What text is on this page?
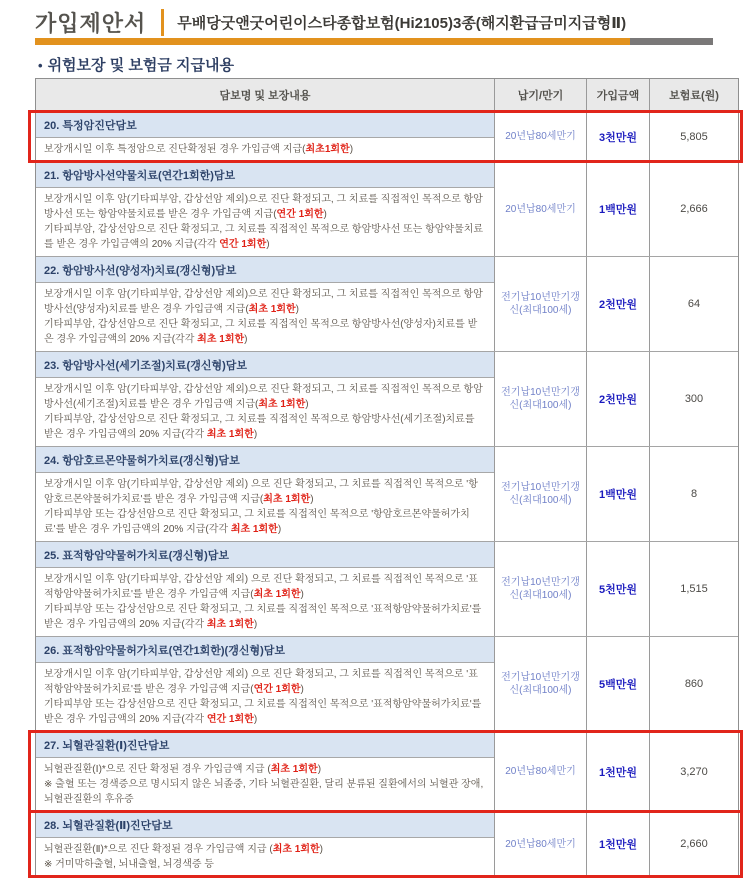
가입제안서 무배당굿앤굿어린이스타종합보험(Hi2105)3종(해지환급금미지급형Ⅱ)
• 위험보장 및 보험금 지급내용
담보명 및 보장내용	납기/만기	가입금액	보험료(원)
20. 특정암진단담보
보장개시일 이후 특정암으로 진단확정된 경우 가입금액 지급(최초1회한)
20년납80세만기	3천만원	5,805
21. 항암방사선약물치료(연간1회한)담보
보장개시일 이후 암(기타피부암, 갑상선암 제외)으로 진단 확정되고, 그 치료를 직접적인 목적으로 항암방사선 또는 항암약물치료를 받은 경우 가입금액 지급(연간 1회한)
기타피부암, 갑상선암으로 진단 확정되고, 그 치료를 직접적인 목적으로 항암방사선 또는 항암약물치료를 받은 경우 가입금액의 20% 지급(각각 연간 1회한)
20년납80세만기	1백만원	2,666
22. 항암방사선(양성자)치료(갱신형)담보
보장개시일 이후 암(기타피부암, 갑상선암 제외)으로 진단 확정되고, 그 치료를 직접적인 목적으로 항암방사선(양성자)치료를 받은 경우 가입금액 지급(최초 1회한)
기타피부암, 갑상선암으로 진단 확정되고, 그 치료를 직접적인 목적으로 항암방사선(양성자)치료를 받은 경우 가입금액의 20% 지급(각각 최초 1회한)
전기납10년만기갱신(최대100세)	2천만원	64
23. 항암방사선(세기조절)치료(갱신형)담보
보장개시일 이후 암(기타피부암, 갑상선암 제외)으로 진단 확정되고, 그 치료를 직접적인 목적으로 항암방사선(세기조절)치료를 받은 경우 가입금액 지급(최초 1회한)
기타피부암, 갑상선암으로 진단 확정되고, 그 치료를 직접적인 목적으로 항암방사선(세기조절)치료를 받은 경우 가입금액의 20% 지급(각각 최초 1회한)
전기납10년만기갱신(최대100세)	2천만원	300
24. 항암호르몬약물허가치료(갱신형)담보
보장개시일 이후 암(기타피부암, 갑상선암 제외) 으로 진단 확정되고, 그 치료를 직접적인 목적으로 '항암호르몬약물허가치료'를 받은 경우 가입금액 지급(최초 1회한)
기타피부암 또는 갑상선암으로 진단 확정되고, 그 치료를 직접적인 목적으로 '항암호르몬약물허가치료'를 받은 경우 가입금액의 20% 지급(각각 최초 1회한)
전기납10년만기갱신(최대100세)	1백만원	8
25. 표적항암약물허가치료(갱신형)담보
보장개시일 이후 암(기타피부암, 갑상선암 제외) 으로 진단 확정되고, 그 치료를 직접적인 목적으로 '표적항암약물허가치료'를 받은 경우 가입금액 지급(최초 1회한)
기타피부암 또는 갑상선암으로 진단 확정되고, 그 치료를 직접적인 목적으로 '표적항암약물허가치료'를 받은 경우 가입금액의 20% 지급(각각 최초 1회한)
전기납10년만기갱신(최대100세)	5천만원	1,515
26. 표적항암약물허가치료(연간1회한)(갱신형)담보
보장개시일 이후 암(기타피부암, 갑상선암 제외) 으로 진단 확정되고, 그 치료를 직접적인 목적으로 '표적항암약물허가치료'를 받은 경우 가입금액 지급(연간 1회한)
기타피부암 또는 갑상선암으로 진단 확정되고, 그 치료를 직접적인 목적으로 '표적항암약물허가치료'를 받은 경우 가입금액의 20% 지급(각각 연간 1회한)
전기납10년만기갱신(최대100세)	5백만원	860
27. 뇌혈관질환(Ⅰ)진단담보
뇌혈관질환(Ⅰ)*으로 진단 확정된 경우 가입금액 지급 (최초 1회한)
※ 출혈 또는 경색증으로 명시되지 않은 뇌졸중, 기타 뇌혈관질환, 달리 분류된 질환에서의 뇌혈관 장애, 뇌혈관질환의 후유증
20년납80세만기	1천만원	3,270
28. 뇌혈관질환(Ⅱ)진단담보
뇌혈관질환(Ⅱ)*으로 진단 확정된 경우 가입금액 지급 (최초 1회한)
※ 거미막하출혈, 뇌내출혈, 뇌경색증 등
20년납80세만기	1천만원	2,660
